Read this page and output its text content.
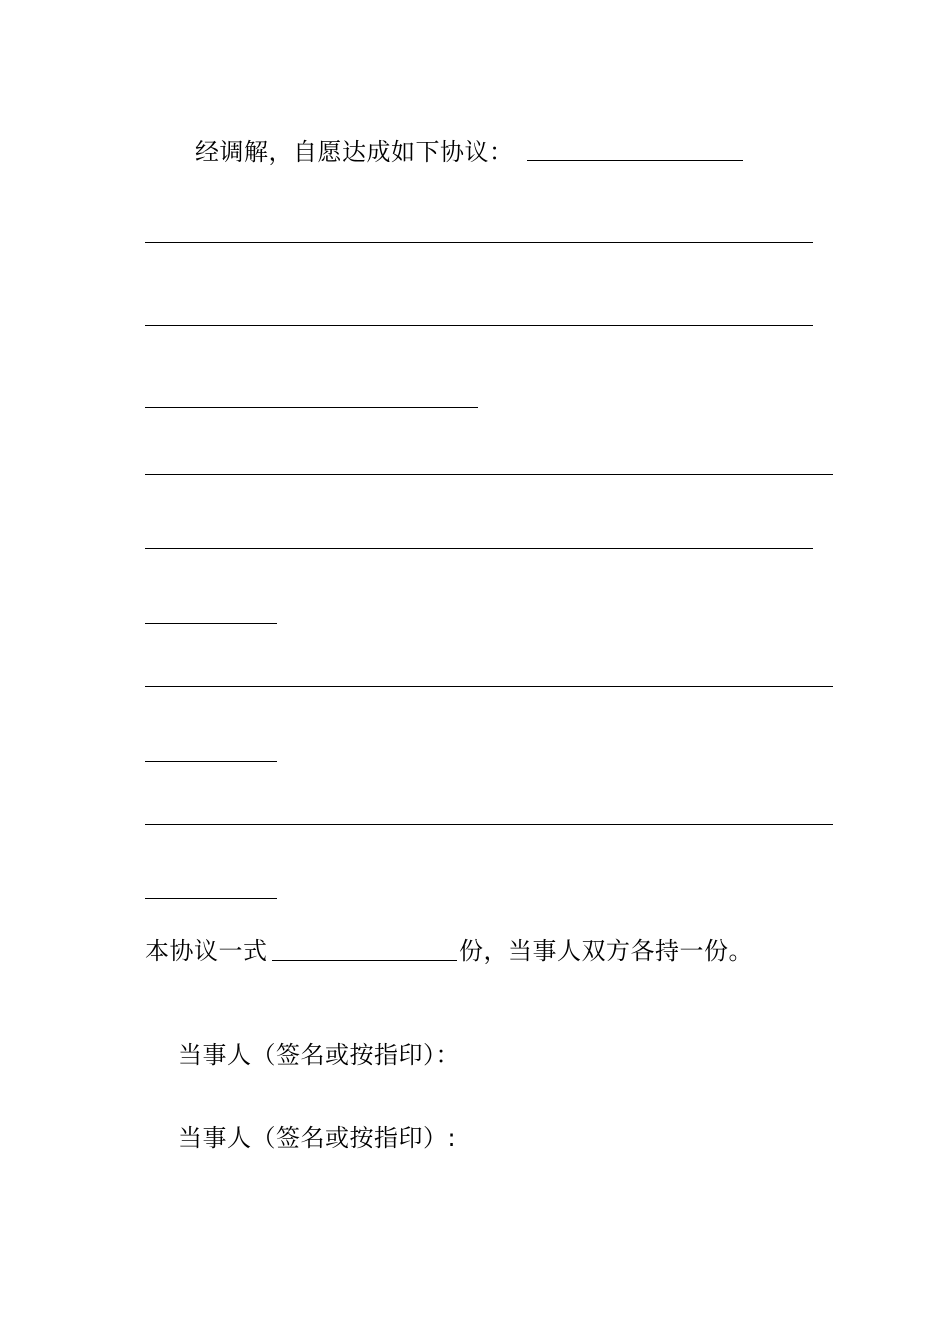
经调解，自愿达成如下协议：
本协议一式	份，当事人双方各持一份。
当事人（签名或按指印）：
当事人（签名或按指印）:
